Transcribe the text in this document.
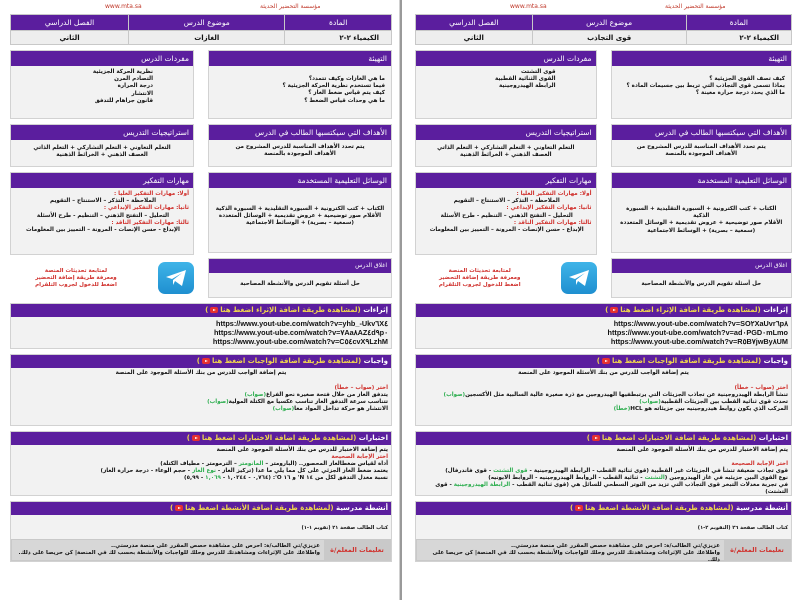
مؤسسة التحضير الحديثة
www.mta.sa
المادة	موضوع الدرس	الفصل الدراسي
الكيمياء ٢-٢	الغازات	الثاني
التهيئة
ما هي الغازات وكيف تتمدد؟
فيما تستخدم نظرية الحركة الجزيئية ؟
كيف يتم قياس ضغط الغاز ؟
ما هي وحدات قياس الضغط ؟
الأهداف التي سيكتسبها الطالب في الدرس
يتم تحدد الأهداف المناسبة للدرس المشروح من الأهداف الموجودة بالمنصة
الوسائل التعليمية المستخدمة
الكتاب + كتب الكترونية + السبورة التقليدية + السبورة الذكية
الأقلام صور توضيحية + عروض تقديمية + الوسائل المتعددة
(سمعية – بصرية) + الوسائط الاجتماعية
اغلاق الدرس
حل أسئلة تقويم الدرس والأنشطة المصاحبة
مفردات الدرس
نظرية الحركة الجزيئية
التصادم المرن
درجة الحرارة
الانتشار
قانون جراهام للتدفق
استراتيجيات التدريس
التعلم التعاوني + التعلم التشاركي + التعلم الذاتي
العصف الذهني + الخرائط الذهنية
مهارات التفكير
أولا: مهارات التفكير العليا :
الملاحظة – التذكر – الاستنتاج – التقويم
ثانيا: مهارات التفكير الإبداعي :
التحليل – التفتح الذهني – التنظيم - طرح الأسئلة
ثالثا: مهارات التفكير الناقد :
الإبداع - حسن الإنصات - المرونة – التمييز بين المعلومات
لمتابعة تحديثات المنصة
ومعرفة طريقة إضافة التحضير
اضغط للدخول لجروب التلقرام
إثراءات (لمشاهدة طريقة اضافة الإثراء اضغط هنا)
https://www.yout-ube.com/watch?v=yhb_-Ukv٦X٤
https://www.yout-ube.com/watch?v=٧Aa٨AZ٤d٩p٠
https://www.yout-ube.com/watch?v=C٥٤cvX٩LzhM
واجبات (لمشاهدة طريقة اضافة الواجبات اضغط هنا)
يتم إضافة الواجب للدرس من بنك الأسئلة الموجود على المنصة
اختر (صواب – خطأ)
يتدفق الغاز من خلال فتحة صغيرة نحو الفراغ(صواب)
تتناسب سرعة التدفق الغاز تناسب عكسيا مع الكتلة المولية(صواب)
الانتشار هو حركة تداخل المواد معا(صواب)
اختبارات (لمشاهدة طريقة اضافة الاختبارات اضغط هنا)
يتم إضافة الاختبار للدرس من بنك الأسئلة الموجود على المنصة
اختر الإجابة الصحيحة
أداة لقياس ضغطالغاز المحصور.. (البارومتر – المانومتر – الترمومتر - مطياف الكتلة)
يعتمد ضغط الغاز الجزئي على كل مما يلي ما عدا (تركيز الغاز - نوع الغاز - حجم الوعاء - درجة حرارة الغاز)
نسبة معدل التدفق لكل من ١٤ N' و ١٦ O': (٠,٧٦٤ - ١,٠٢٤٤ - ١,٠٦٩ - ٥,٩٩)
أنشطة مدرسية (لمشاهدة طريقة اضافة الأنشطة اضغط هنا)
كتاب الطالب صفحة ٢١ (تقويم ١-١)
تعليمات المعلم/ة
عزيزي/تي الطالب/ة: احرص على مشاهدة حصص المقرر على منصة مدرستي..
واطلاعك على الإثراءات ومشاهدتك للدرس وحلك للواجبات والأنشطة بحسب لك في المنصة| كن حريصا على ذلك.
مؤسسة التحضير الحديثة
www.mta.sa
المادة	موضوع الدرس	الفصل الدراسي
الكيمياء ٢-٢	قوى التجاذب	الثاني
التهيئة
كيف تصف القوى الجزيئية ؟
بماذا تسمى قوى التجاذب التي تربط بين جسيمات المادة ؟
ما الذي يحدد درجة حرارة معينة ؟
الأهداف التي سيكتسبها الطالب في الدرس
يتم تحدد الأهداف المناسبة للدرس المشروح من الأهداف الموجودة بالمنصة
الوسائل التعليمية المستخدمة
الكتاب + كتب الكترونية + السبورة التقليدية + السبورة الذكية
الأقلام صور توضيحية + عروض تقديمية + الوسائل المتعددة
(سمعية – بصرية) + الوسائط الاجتماعية
اغلاق الدرس
حل أسئلة تقويم الدرس والأنشطة المصاحبة
مفردات الدرس
قوى التشتت
القوى الثنائية القطبية
الرابطة الهيدروجينية
استراتيجيات التدريس
التعلم التعاوني + التعلم التشاركي + التعلم الذاتي
العصف الذهني + الخرائط الذهنية
مهارات التفكير
أولا: مهارات التفكير العليا :
الملاحظة – التذكر – الاستنتاج – التقويم
ثانيا: مهارات التفكير الإبداعي :
التحليل – التفتح الذهني – التنظيم - طرح الأسئلة
ثالثا: مهارات التفكير الناقد :
الإبداع - حسن الإنصات - المرونة – التمييز بين المعلومات
لمتابعة تحديثات المنصة
ومعرفة طريقة إضافة التحضير
اضغط للدخول لجروب التلقرام
إثراءات (لمشاهدة طريقة اضافة الإثراء اضغط هنا)
https://www.yout-ube.com/watch?v=SO٢XaUvr٦p٨
https://www.yout-ube.com/watch?v=ad٠PGD٠mLmo
https://www.yout-ube.com/watch?v=R٥B٧jwBy٨UM
واجبات (لمشاهدة طريقة اضافة الواجبات اضغط هنا)
يتم إضافة الواجب للدرس من بنك الأسئلة الموجود على المنصة
اختر (صواب – خطأ)
تنشأ الرابطة الهيدروجينية عن تجاذب الجزيئات التي يرتبطفيها الهيدروجين مع ذرة صغيرة عالية السالبية مثل الأكسجين(صواب)
تحدث قوى ثنائية القطب بين الجزيئات القطبية(صواب)
المركب الذي يكون روابط هيدروجينيه بين جزيئاته هو HCL(خطأ)
اختبارات (لمشاهدة طريقة اضافة الاختبارات اضغط هنا)
يتم إضافة الاختبار للدرس من بنك الأسئلة الموجود على المنصة
اختر الإجابة الصحيحة
قوى تجاذب ضعيفة تنشأ في الجزيئات غير القطبية (قوى ثنائية القطب - الرابطة الهيدروجينية - قوى التشتت - قوى فاندرفال)
نوع القوى البين جزيئيه في غاز الهيدروجين (التشتت - ثنائية القطب - الروابط الهيدروجينيه - الروابط الايونيه)
في تجربة معدلات التبخر قوى التجاذب التي تزيد من التوتر السطحي للسائل هي (قوى ثنائية القطب - الرابطة الهيدروجينية - قوى التشتت)
أنشطة مدرسية (لمشاهدة طريقة اضافة الأنشطة اضغط هنا)
كتاب الطالب صفحة ٢٦ (التقويم ٢-١)
تعليمات المعلم/ة
عزيزي/تي الطالب/ة: احرص على مشاهدة حصص المقرر على منصة مدرستي..
واطلاعك على الإثراءات ومشاهدتك للدرس وحلك للواجبات والأنشطة بحسب لك في المنصة| كن حريصا على ذلك.
